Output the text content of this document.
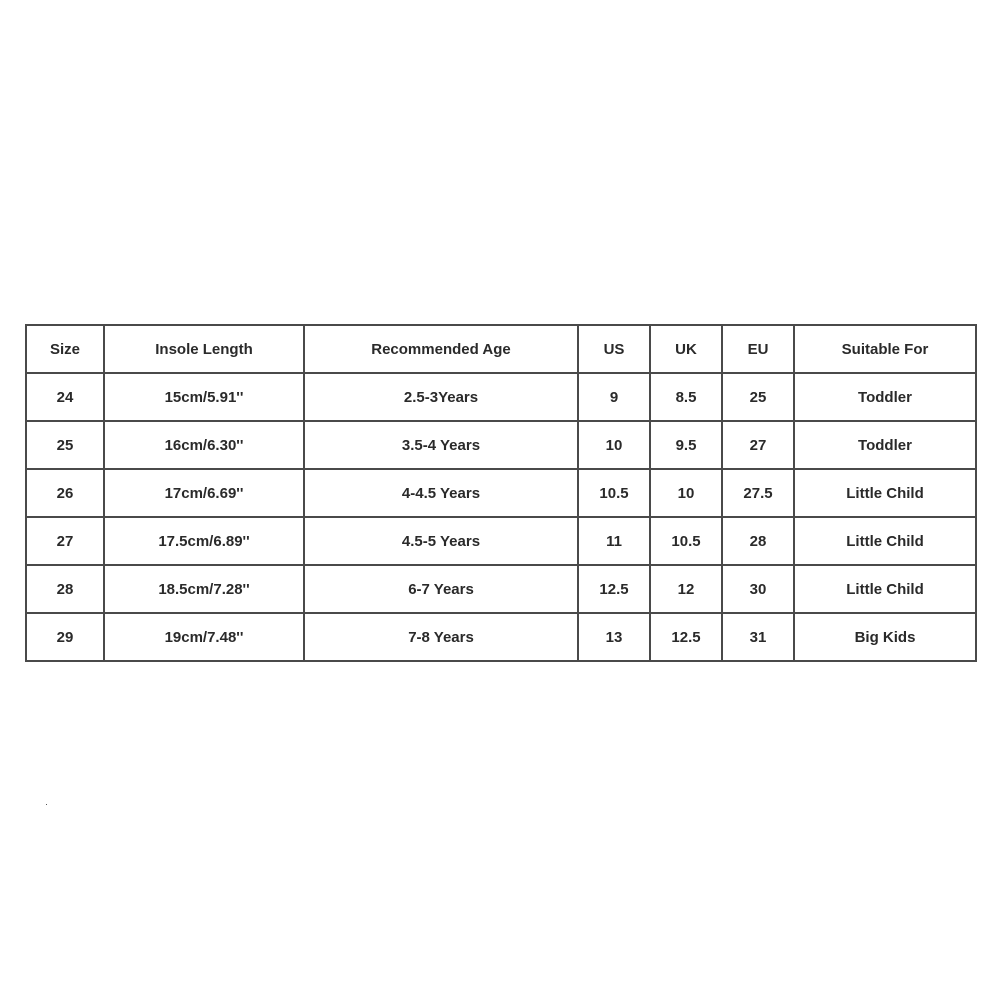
Size	Insole Length	Recommended Age	US	UK	EU	Suitable For
24	15cm/5.91''	2.5-3Years	9	8.5	25	Toddler
25	16cm/6.30''	3.5-4 Years	10	9.5	27	Toddler
26	17cm/6.69''	4-4.5 Years	10.5	10	27.5	Little Child
27	17.5cm/6.89''	4.5-5 Years	11	10.5	28	Little Child
28	18.5cm/7.28''	6-7 Years	12.5	12	30	Little Child
29	19cm/7.48''	7-8 Years	13	12.5	31	Big Kids
